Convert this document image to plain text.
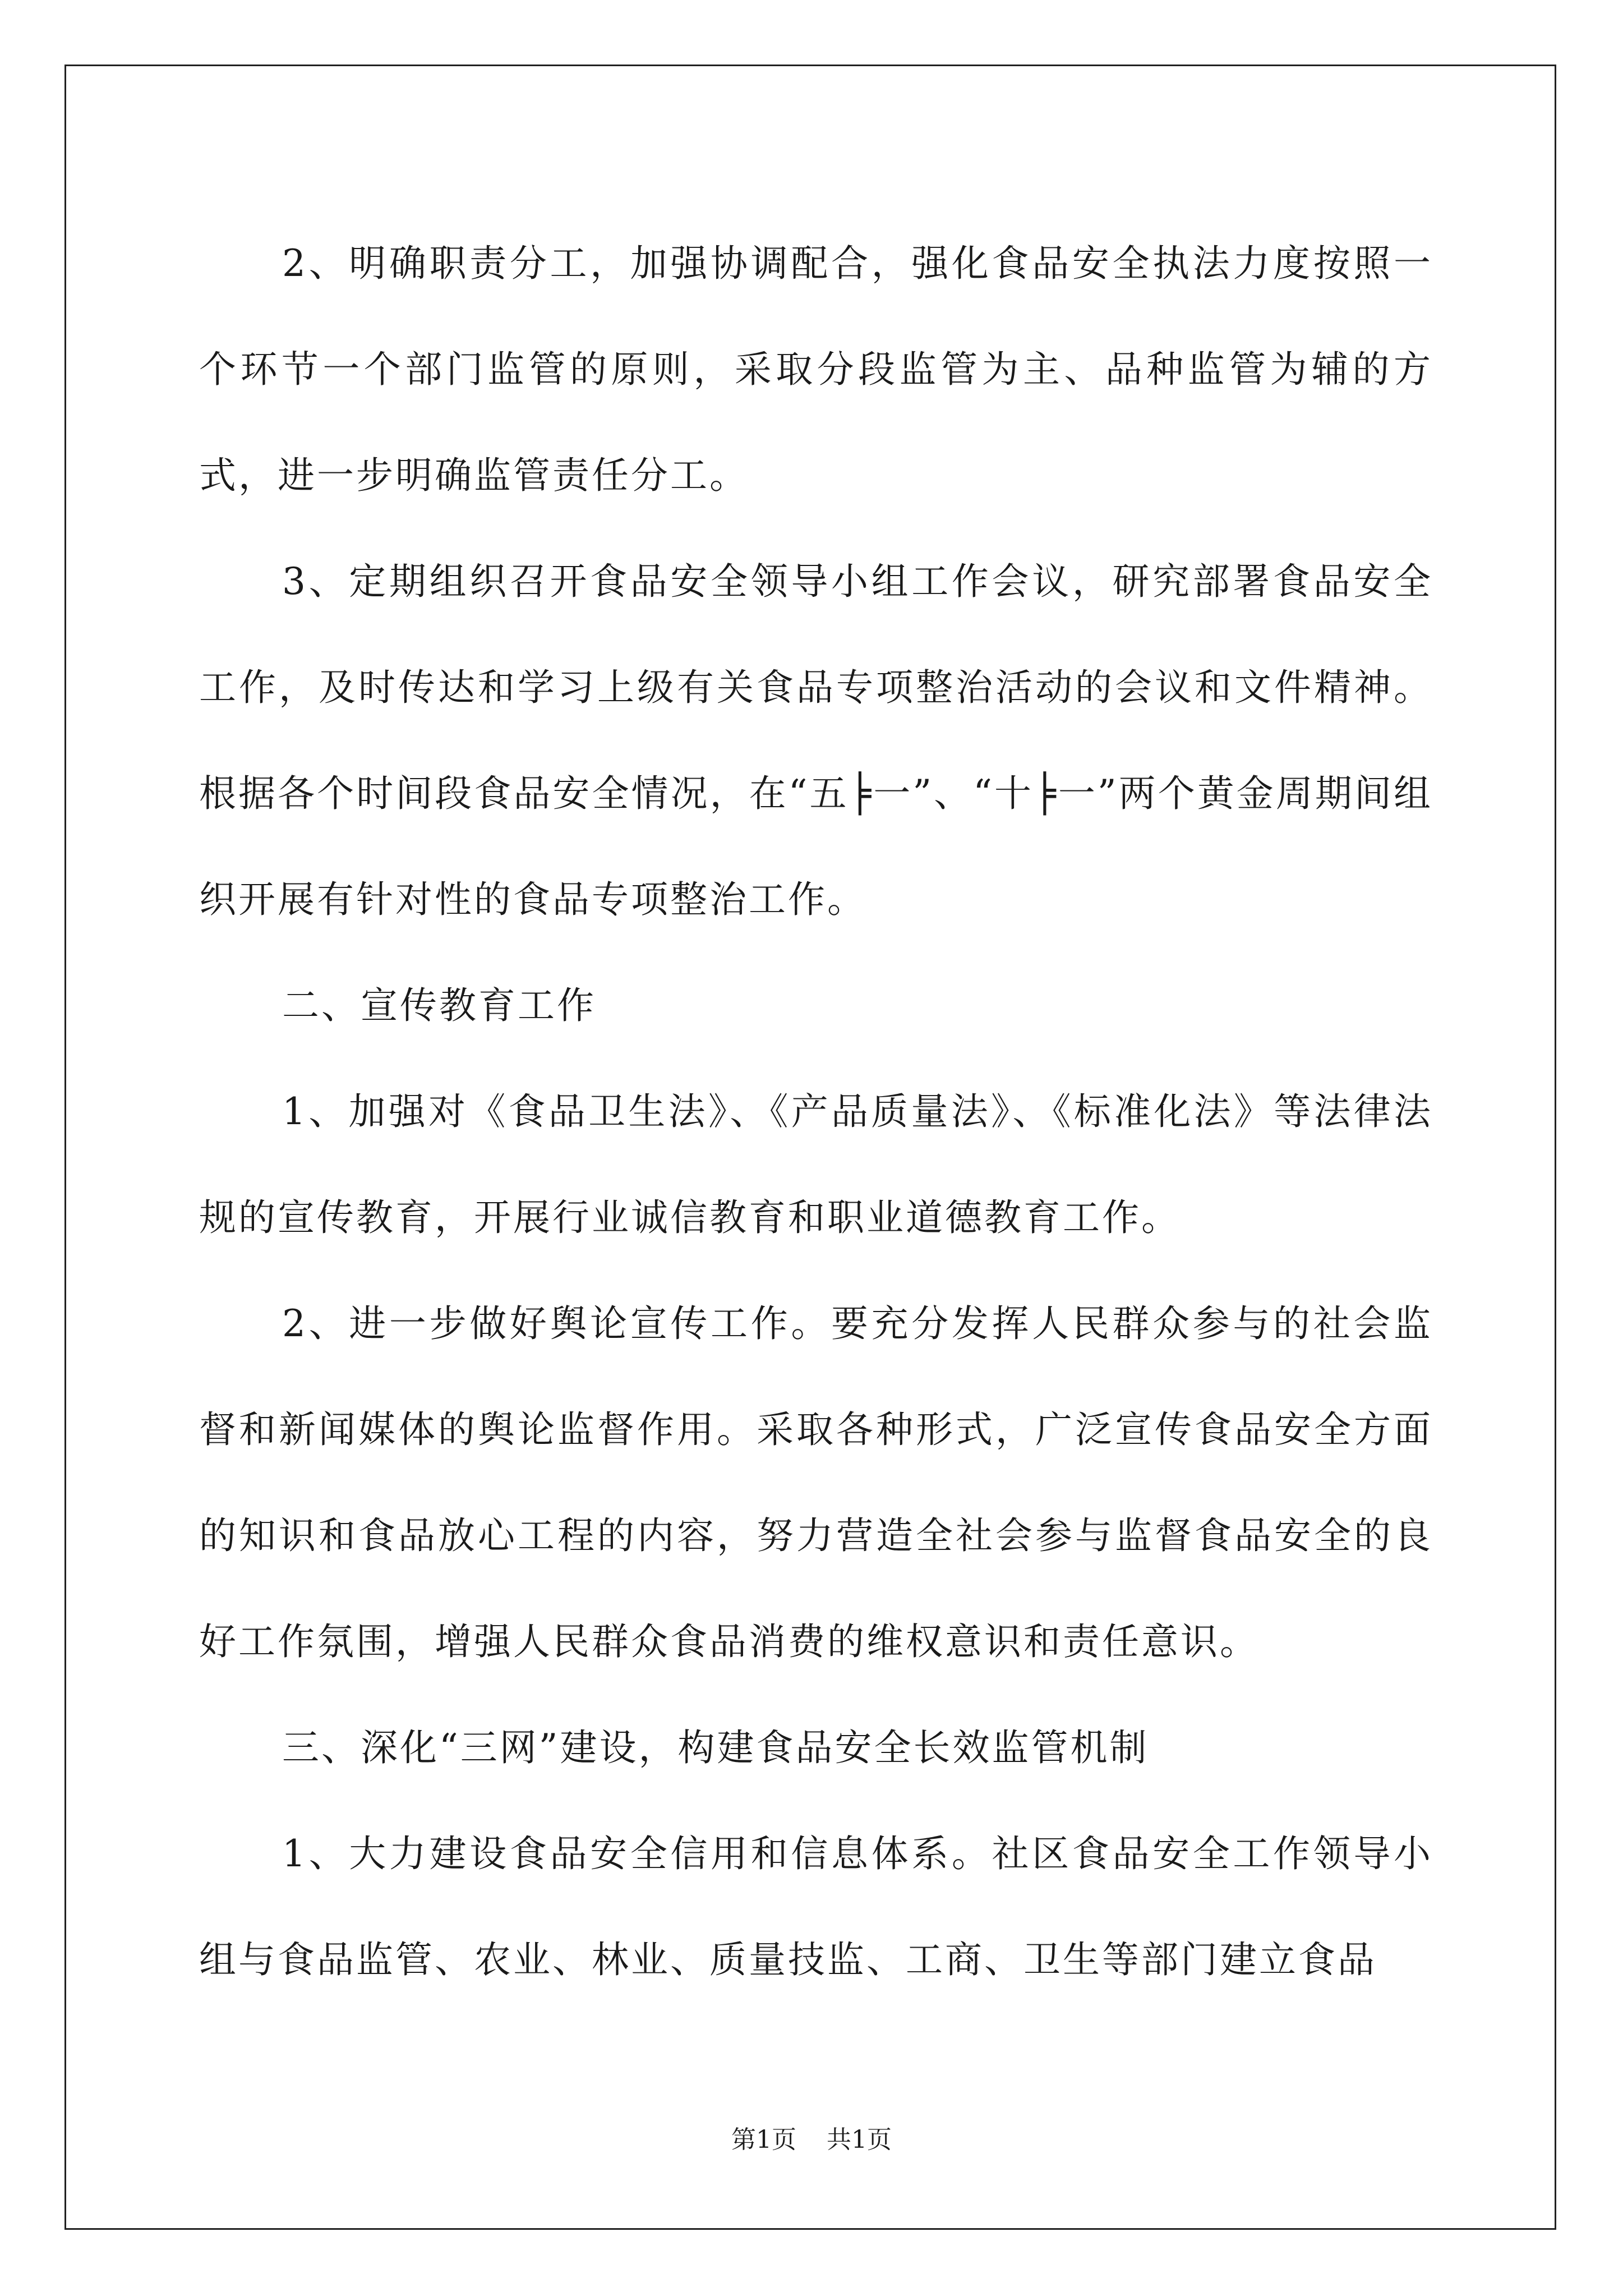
2、明确职责分工，加强协调配合，强化食品安全执法力度按照一个环节一个部门监管的原则，采取分段监管为主、品种监管为辅的方式，进一步明确监管责任分工。

3、定期组织召开食品安全领导小组工作会议，研究部署食品安全工作，及时传达和学习上级有关食品专项整治活动的会议和文件精神。根据各个时间段食品安全情况，在“五╞一”、“十╞一”两个黄金周期间组织开展有针对性的食品专项整治工作。

二、宣传教育工作

1、加强对《食品卫生法》、《产品质量法》、《标准化法》等法律法规的宣传教育，开展行业诚信教育和职业道德教育工作。

2、进一步做好舆论宣传工作。要充分发挥人民群众参与的社会监督和新闻媒体的舆论监督作用。采取各种形式，广泛宣传食品安全方面的知识和食品放心工程的内容，努力营造全社会参与监督食品安全的良好工作氛围，增强人民群众食品消费的维权意识和责任意识。

三、深化“三网”建设，构建食品安全长效监管机制

1、大力建设食品安全信用和信息体系。社区食品安全工作领导小组与食品监管、农业、林业、质量技监、工商、卫生等部门建立食品

第1页 共1页
